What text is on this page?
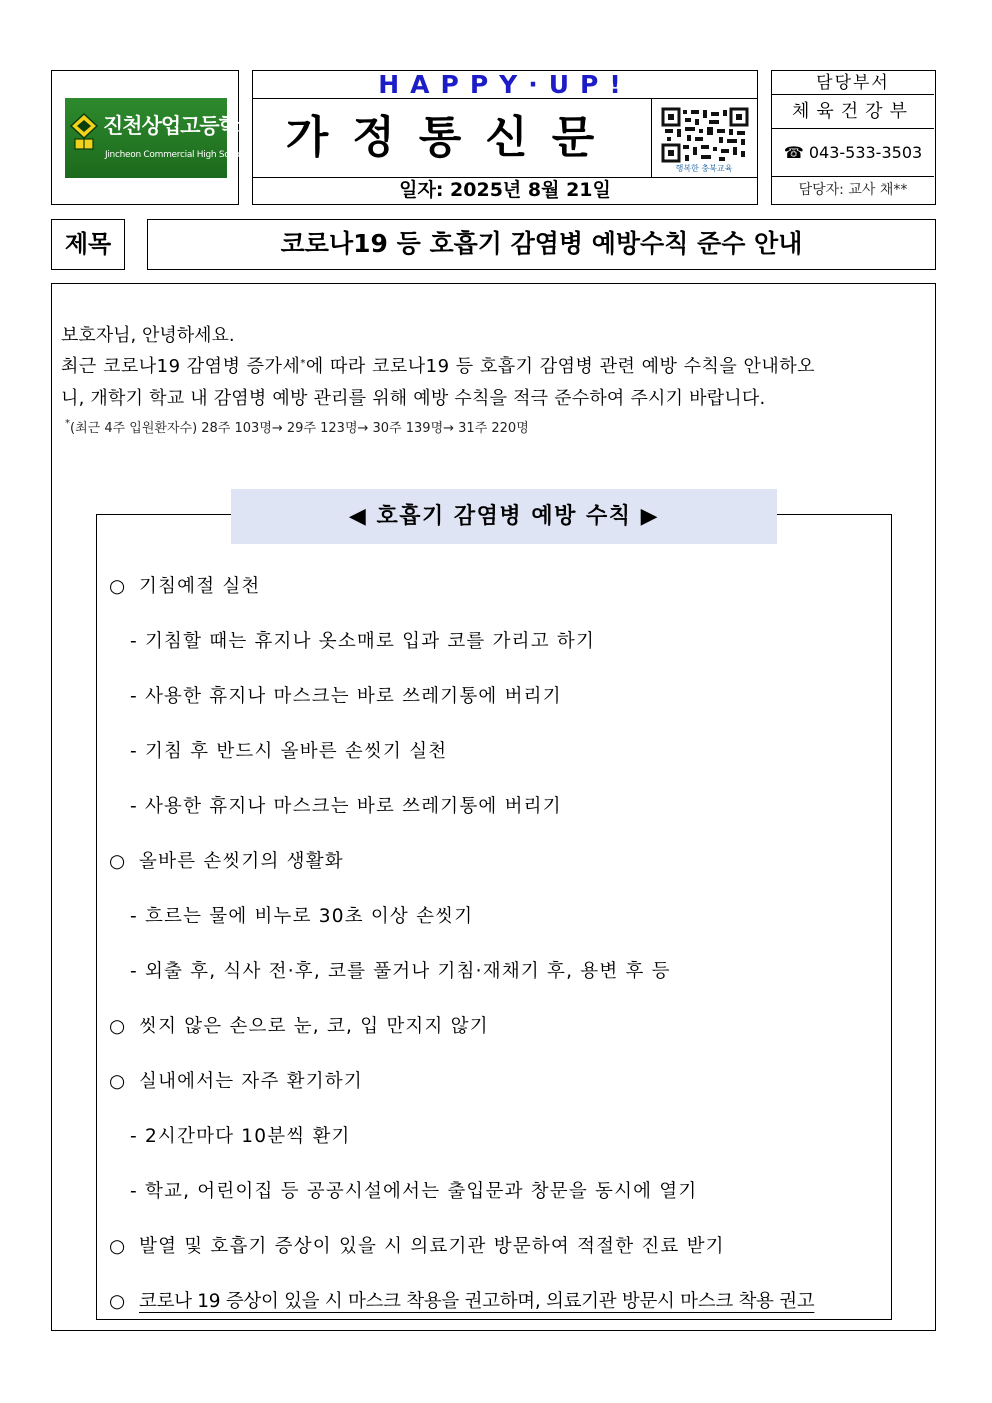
진천상업고등학교
Jincheon Commercial High School
HAPPY·UP!
가정통신문
행복한 충북교육
일자: 2025년 8월 21일
담당부서
체육건강부
☎ 043-533-3503
담당자: 교사 채**
제목	코로나19 등 호흡기 감염병 예방수칙 준수 안내
보호자님, 안녕하세요.
최근 코로나19 감염병 증가세*에 따라 코로나19 등 호흡기 감염병 관련 예방 수칙을 안내하오
니, 개학기 학교 내 감염병 예방 관리를 위해 예방 수칙을 적극 준수하여 주시기 바랍니다.
*(최근 4주 입원환자수) 28주 103명→ 29주 123명→ 30주 139명→ 31주 220명
◀ 호흡기 감염병 예방 수칙 ▶
○ 기침예절 실천
- 기침할 때는 휴지나 옷소매로 입과 코를 가리고 하기
- 사용한 휴지나 마스크는 바로 쓰레기통에 버리기
- 기침 후 반드시 올바른 손씻기 실천
- 사용한 휴지나 마스크는 바로 쓰레기통에 버리기
○ 올바른 손씻기의 생활화
- 흐르는 물에 비누로 30초 이상 손씻기
- 외출 후, 식사 전·후, 코를 풀거나 기침·재채기 후, 용변 후 등
○ 씻지 않은 손으로 눈, 코, 입 만지지 않기
○ 실내에서는 자주 환기하기
- 2시간마다 10분씩 환기
- 학교, 어린이집 등 공공시설에서는 출입문과 창문을 동시에 열기
○ 발열 및 호흡기 증상이 있을 시 의료기관 방문하여 적절한 진료 받기
○ 코로나 19 증상이 있을 시 마스크 착용을 권고하며, 의료기관 방문시 마스크 착용 권고
